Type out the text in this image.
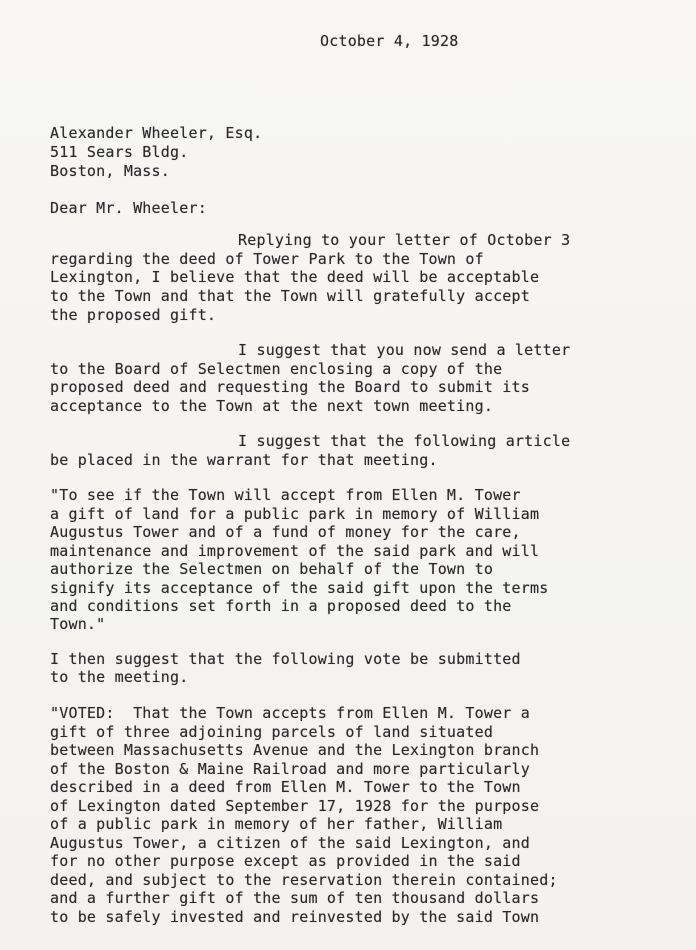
October 4, 1928
Alexander Wheeler, Esq.
511 Sears Bldg.
Boston, Mass.
Dear Mr. Wheeler:
Replying to your letter of October 3
regarding the deed of Tower Park to the Town of
Lexington, I believe that the deed will be acceptable
to the Town and that the Town will gratefully accept
the proposed gift.
I suggest that you now send a letter
to the Board of Selectmen enclosing a copy of the
proposed deed and requesting the Board to submit its
acceptance to the Town at the next town meeting.
I suggest that the following article
be placed in the warrant for that meeting.
"To see if the Town will accept from Ellen M. Tower
a gift of land for a public park in memory of William
Augustus Tower and of a fund of money for the care,
maintenance and improvement of the said park and will
authorize the Selectmen on behalf of the Town to
signify its acceptance of the said gift upon the terms
and conditions set forth in a proposed deed to the
Town."
I then suggest that the following vote be submitted
to the meeting.
"VOTED:  That the Town accepts from Ellen M. Tower a
gift of three adjoining parcels of land situated
between Massachusetts Avenue and the Lexington branch
of the Boston & Maine Railroad and more particularly
described in a deed from Ellen M. Tower to the Town
of Lexington dated September 17, 1928 for the purpose
of a public park in memory of her father, William
Augustus Tower, a citizen of the said Lexington, and
for no other purpose except as provided in the said
deed, and subject to the reservation therein contained;
and a further gift of the sum of ten thousand dollars
to be safely invested and reinvested by the said Town
